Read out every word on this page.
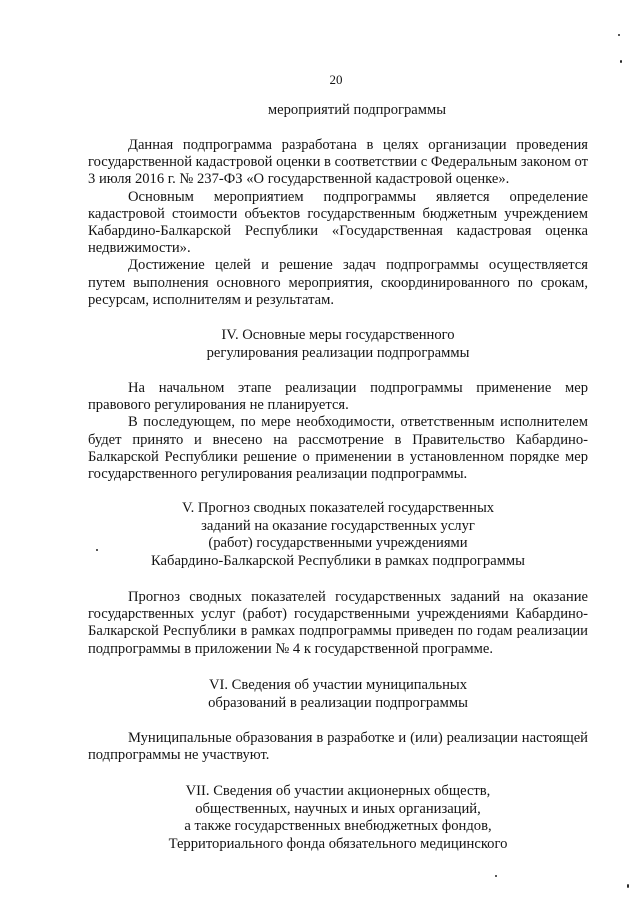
20
мероприятий подпрограммы

Данная подпрограмма разработана в целях организации проведения государственной кадастровой оценки в соответствии с Федеральным законом от 3 июля 2016 г. № 237-ФЗ «О государственной кадастровой оценке».

Основным мероприятием подпрограммы является определение кадастровой стоимости объектов государственным бюджетным учреждением Кабардино-Балкарской Республики «Государственная кадастровая оценка недвижимости».

Достижение целей и решение задач подпрограммы осуществляется путем выполнения основного мероприятия, скоординированного по срокам, ресурсам, исполнителям и результатам.

IV. Основные меры государственного
регулирования реализации подпрограммы

На начальном этапе реализации подпрограммы применение мер правового регулирования не планируется.

В последующем, по мере необходимости, ответственным исполнителем будет принято и внесено на рассмотрение в Правительство Кабардино-Балкарской Республики решение о применении в установленном порядке мер государственного регулирования реализации подпрограммы.

V. Прогноз сводных показателей государственных
заданий на оказание государственных услуг
(работ) государственными учреждениями
Кабардино-Балкарской Республики в рамках подпрограммы

Прогноз сводных показателей государственных заданий на оказание государственных услуг (работ) государственными учреждениями Кабардино-Балкарской Республики в рамках подпрограммы приведен по годам реализации подпрограммы в приложении № 4 к государственной программе.

VI. Сведения об участии муниципальных
образований в реализации подпрограммы

Муниципальные образования в разработке и (или) реализации настоящей подпрограммы не участвуют.

VII. Сведения об участии акционерных обществ,
общественных, научных и иных организаций,
а также государственных внебюджетных фондов,
Территориального фонда обязательного медицинского
